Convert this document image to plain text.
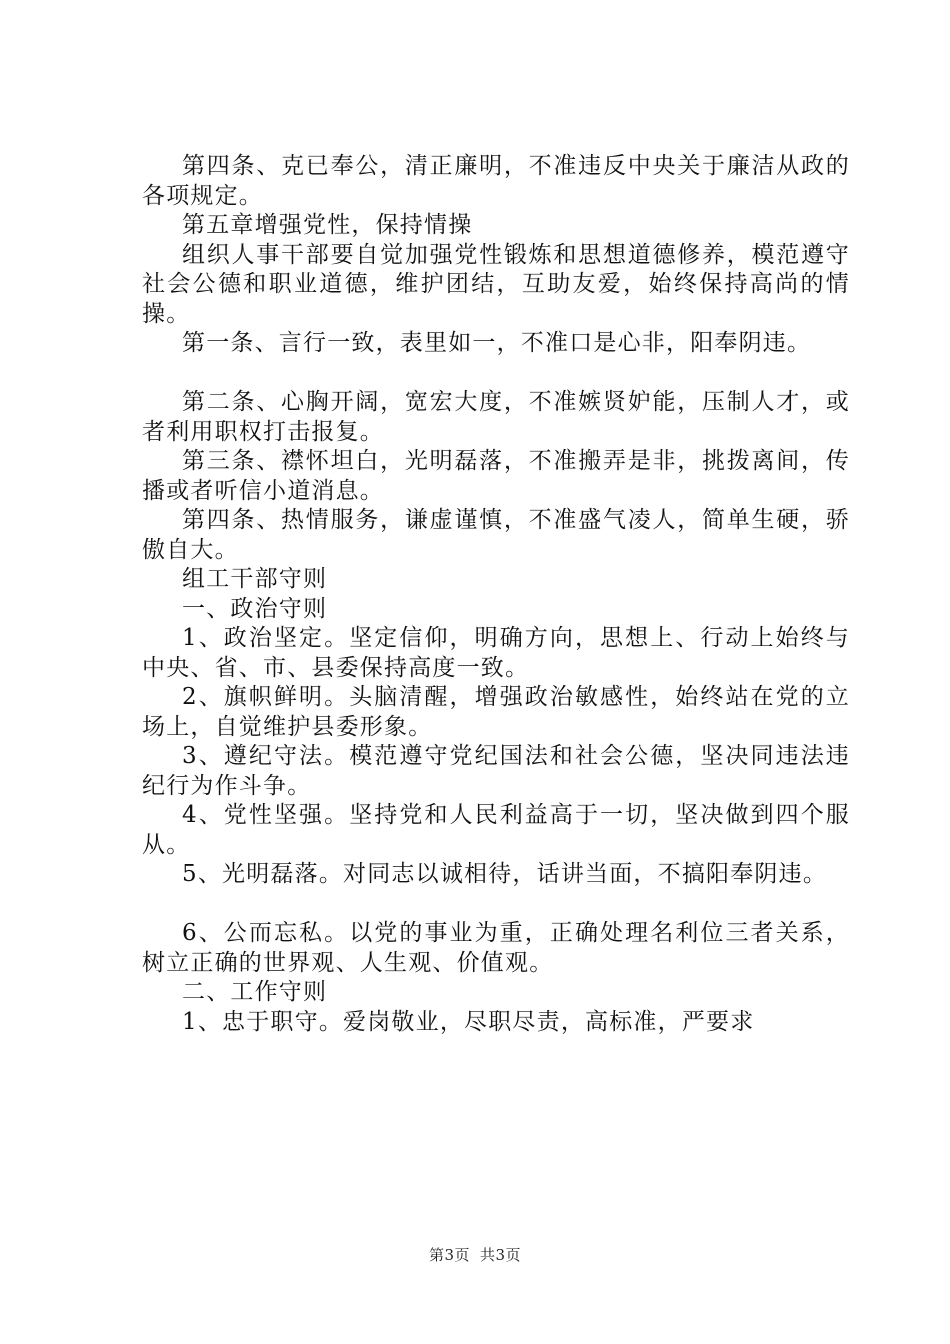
第四条、克已奉公，清正廉明，不准违反中央关于廉洁从政的各项规定。

第五章增强党性，保持情操

组织人事干部要自觉加强党性锻炼和思想道德修养，模范遵守社会公德和职业道德，维护团结，互助友爱，始终保持高尚的情操。

第一条、言行一致，表里如一，不准口是心非，阳奉阴违。

第二条、心胸开阔，宽宏大度，不准嫉贤妒能，压制人才，或者利用职权打击报复。

第三条、襟怀坦白，光明磊落，不准搬弄是非，挑拨离间，传播或者听信小道消息。

第四条、热情服务，谦虚谨慎，不准盛气凌人，简单生硬，骄傲自大。

组工干部守则

一、政治守则

1、政治坚定。坚定信仰，明确方向，思想上、行动上始终与中央、省、市、县委保持高度一致。

2、旗帜鲜明。头脑清醒，增强政治敏感性，始终站在党的立场上，自觉维护县委形象。

3、遵纪守法。模范遵守党纪国法和社会公德，坚决同违法违纪行为作斗争。

4、党性坚强。坚持党和人民利益高于一切，坚决做到四个服从。

5、光明磊落。对同志以诚相待，话讲当面，不搞阳奉阴违。

6、公而忘私。以党的事业为重，正确处理名利位三者关系，树立正确的世界观、人生观、价值观。

二、工作守则

1、忠于职守。爱岗敬业，尽职尽责，高标准，严要求

第3页 共3页
